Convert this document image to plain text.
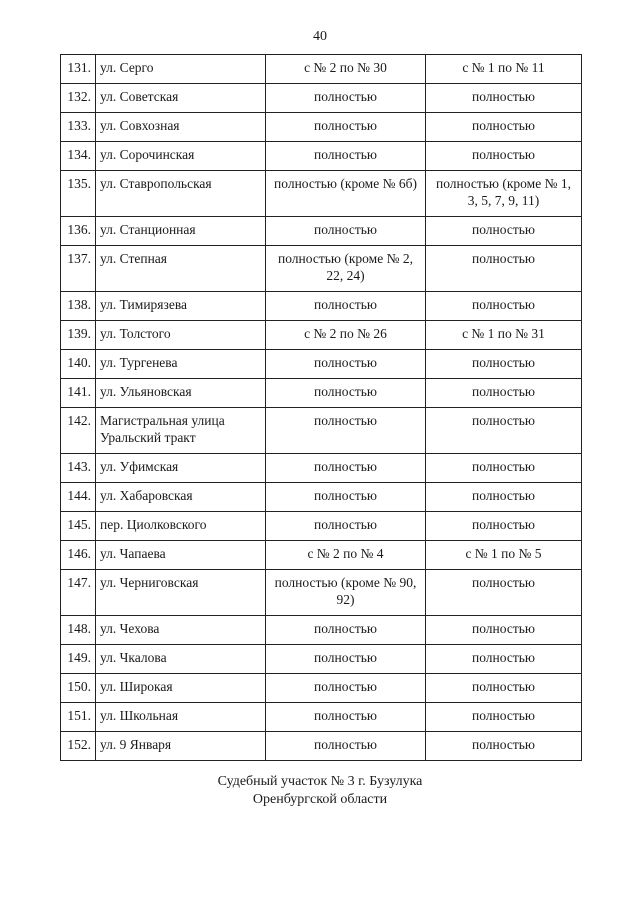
40
131.	ул. Серго	с № 2 по № 30	с № 1 по № 11
132.	ул. Советская	полностью	полностью
133.	ул. Совхозная	полностью	полностью
134.	ул. Сорочинская	полностью	полностью
135.	ул. Ставропольская	полностью (кроме № 6б)	полностью (кроме № 1, 3, 5, 7, 9, 11)
136.	ул. Станционная	полностью	полностью
137.	ул. Степная	полностью (кроме № 2, 22, 24)	полностью
138.	ул. Тимирязева	полностью	полностью
139.	ул. Толстого	с № 2 по № 26	с № 1 по № 31
140.	ул. Тургенева	полностью	полностью
141.	ул. Ульяновская	полностью	полностью
142.	Магистральная улица Уральский тракт	полностью	полностью
143.	ул. Уфимская	полностью	полностью
144.	ул. Хабаровская	полностью	полностью
145.	пер. Циолковского	полностью	полностью
146.	ул. Чапаева	с № 2 по № 4	с № 1 по № 5
147.	ул. Черниговская	полностью (кроме № 90, 92)	полностью
148.	ул. Чехова	полностью	полностью
149.	ул. Чкалова	полностью	полностью
150.	ул. Широкая	полностью	полностью
151.	ул. Школьная	полностью	полностью
152.	ул. 9 Января	полностью	полностью
Судебный участок № 3 г. Бузулука
Оренбургской области
